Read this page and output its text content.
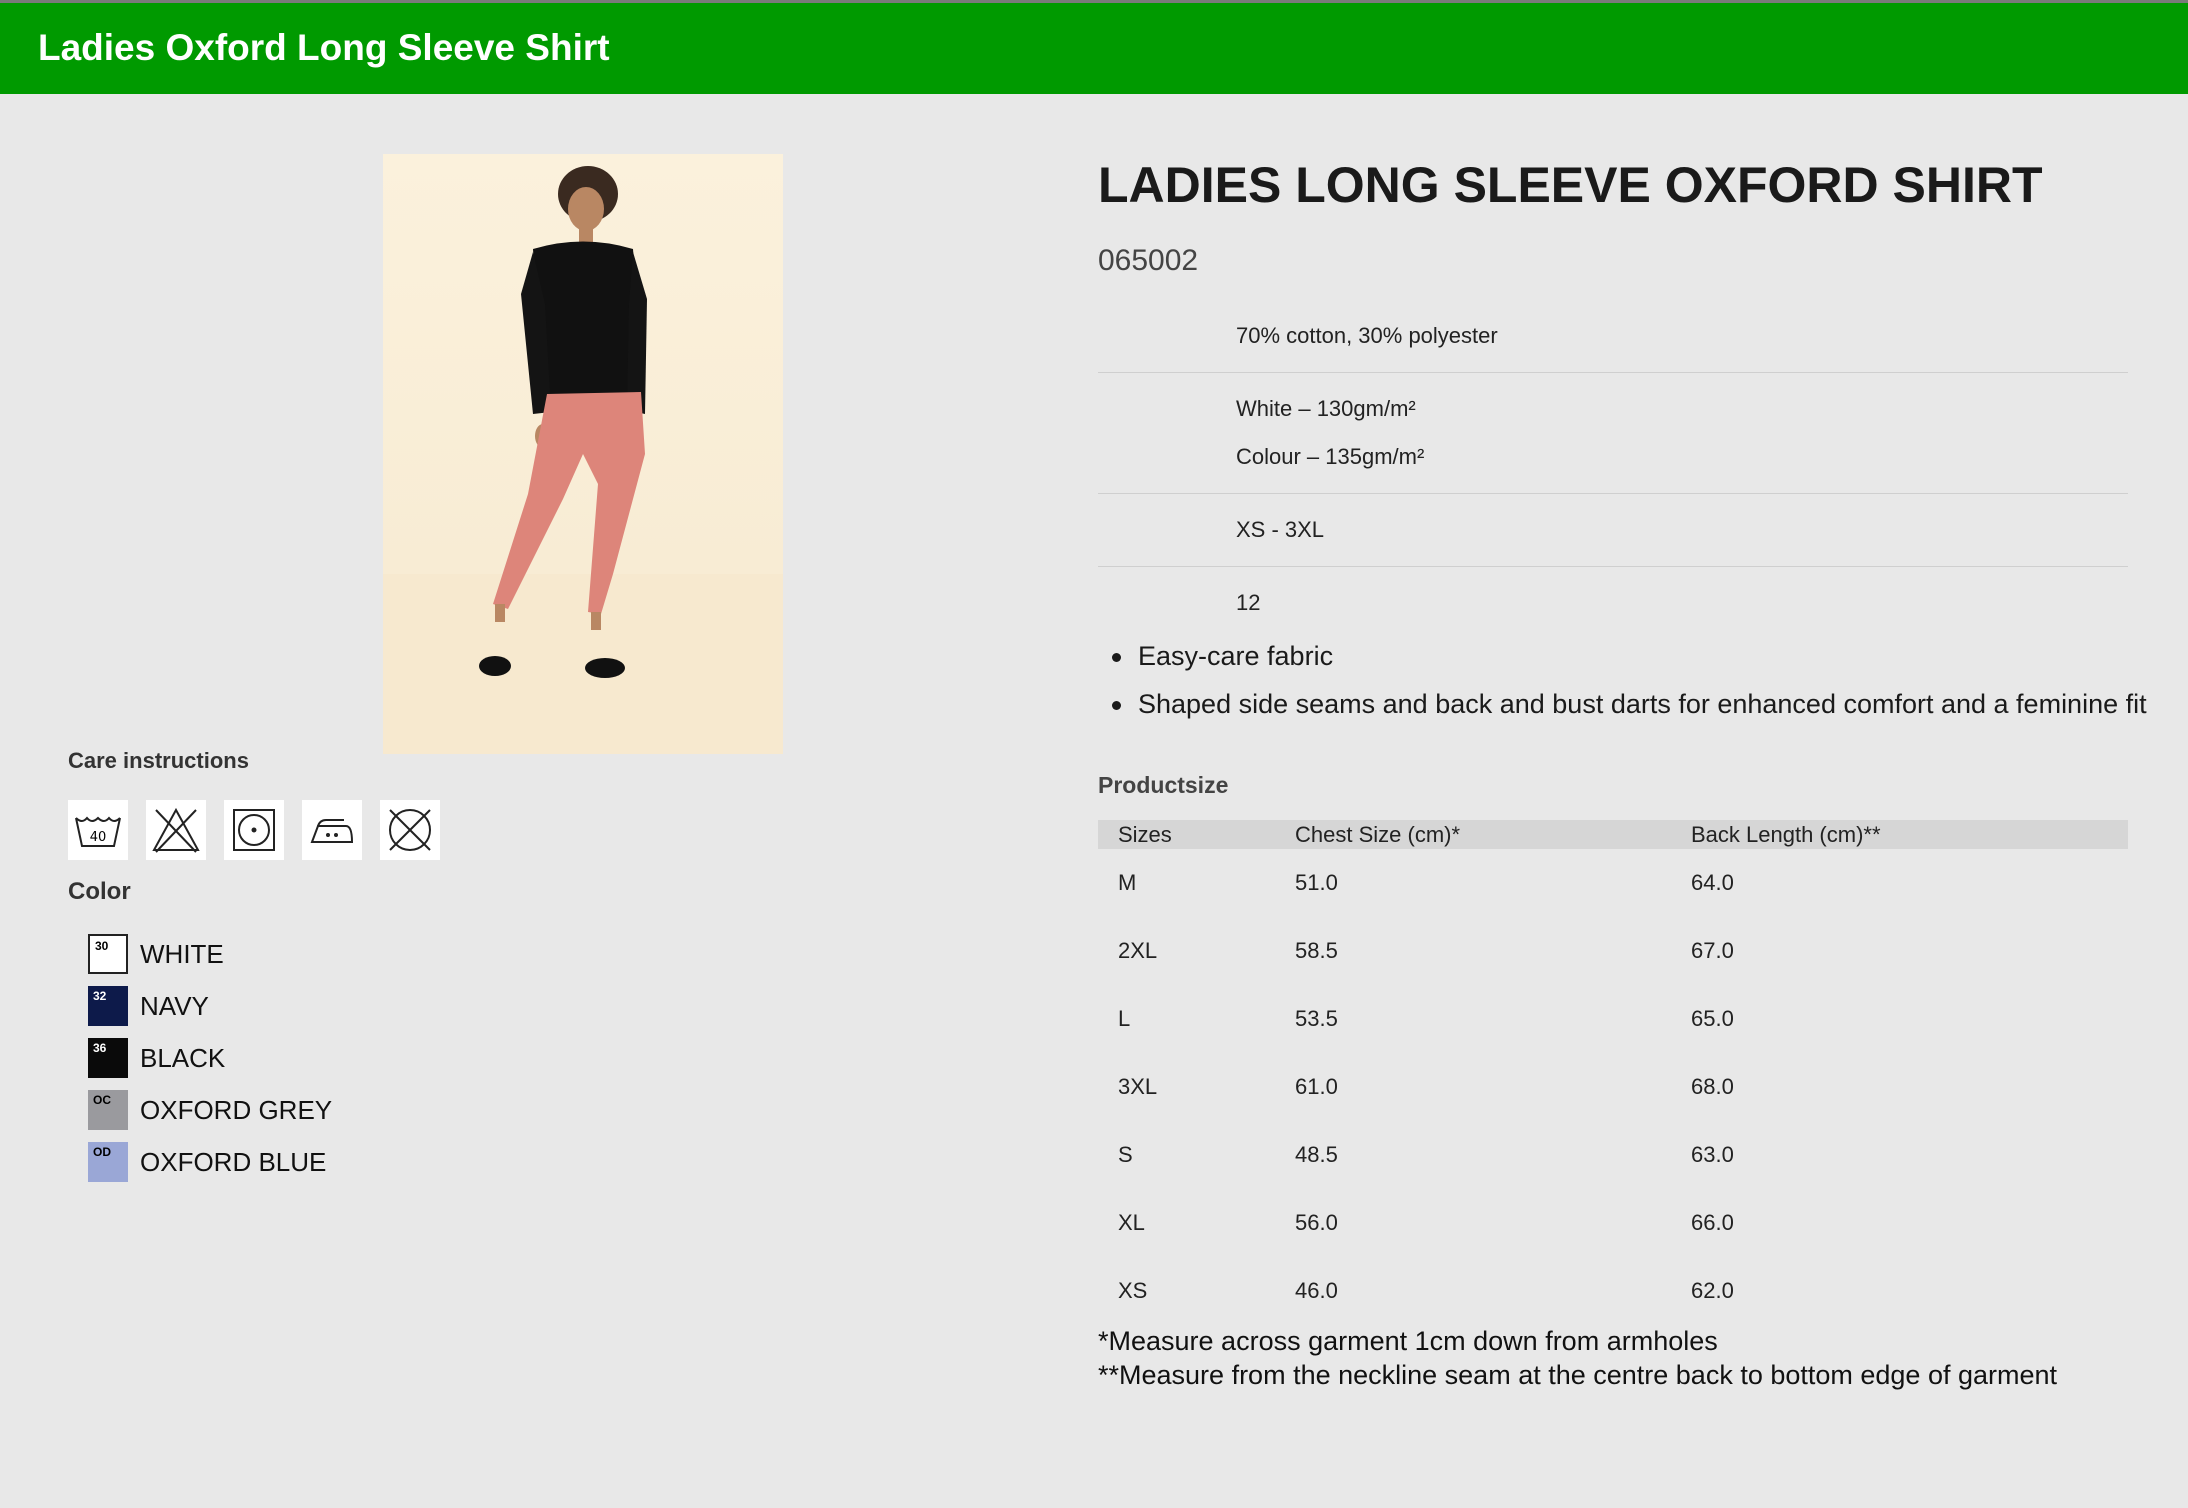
Ladies Oxford Long Sleeve Shirt
Care instructions
40
Color
30 WHITE
32 NAVY
36 BLACK
OC OXFORD GREY
OD OXFORD BLUE
LADIES LONG SLEEVE OXFORD SHIRT
065002
70% cotton, 30% polyester
White – 130gm/m²
Colour – 135gm/m²
XS - 3XL
12
Easy-care fabric
Shaped side seams and back and bust darts for enhanced comfort and a feminine fit
Productsize
Sizes	Chest Size (cm)*	Back Length (cm)**
M	51.0	64.0
2XL	58.5	67.0
L	53.5	65.0
3XL	61.0	68.0
S	48.5	63.0
XL	56.0	66.0
XS	46.0	62.0
*Measure across garment 1cm down from armholes
**Measure from the neckline seam at the centre back to bottom edge of garment
